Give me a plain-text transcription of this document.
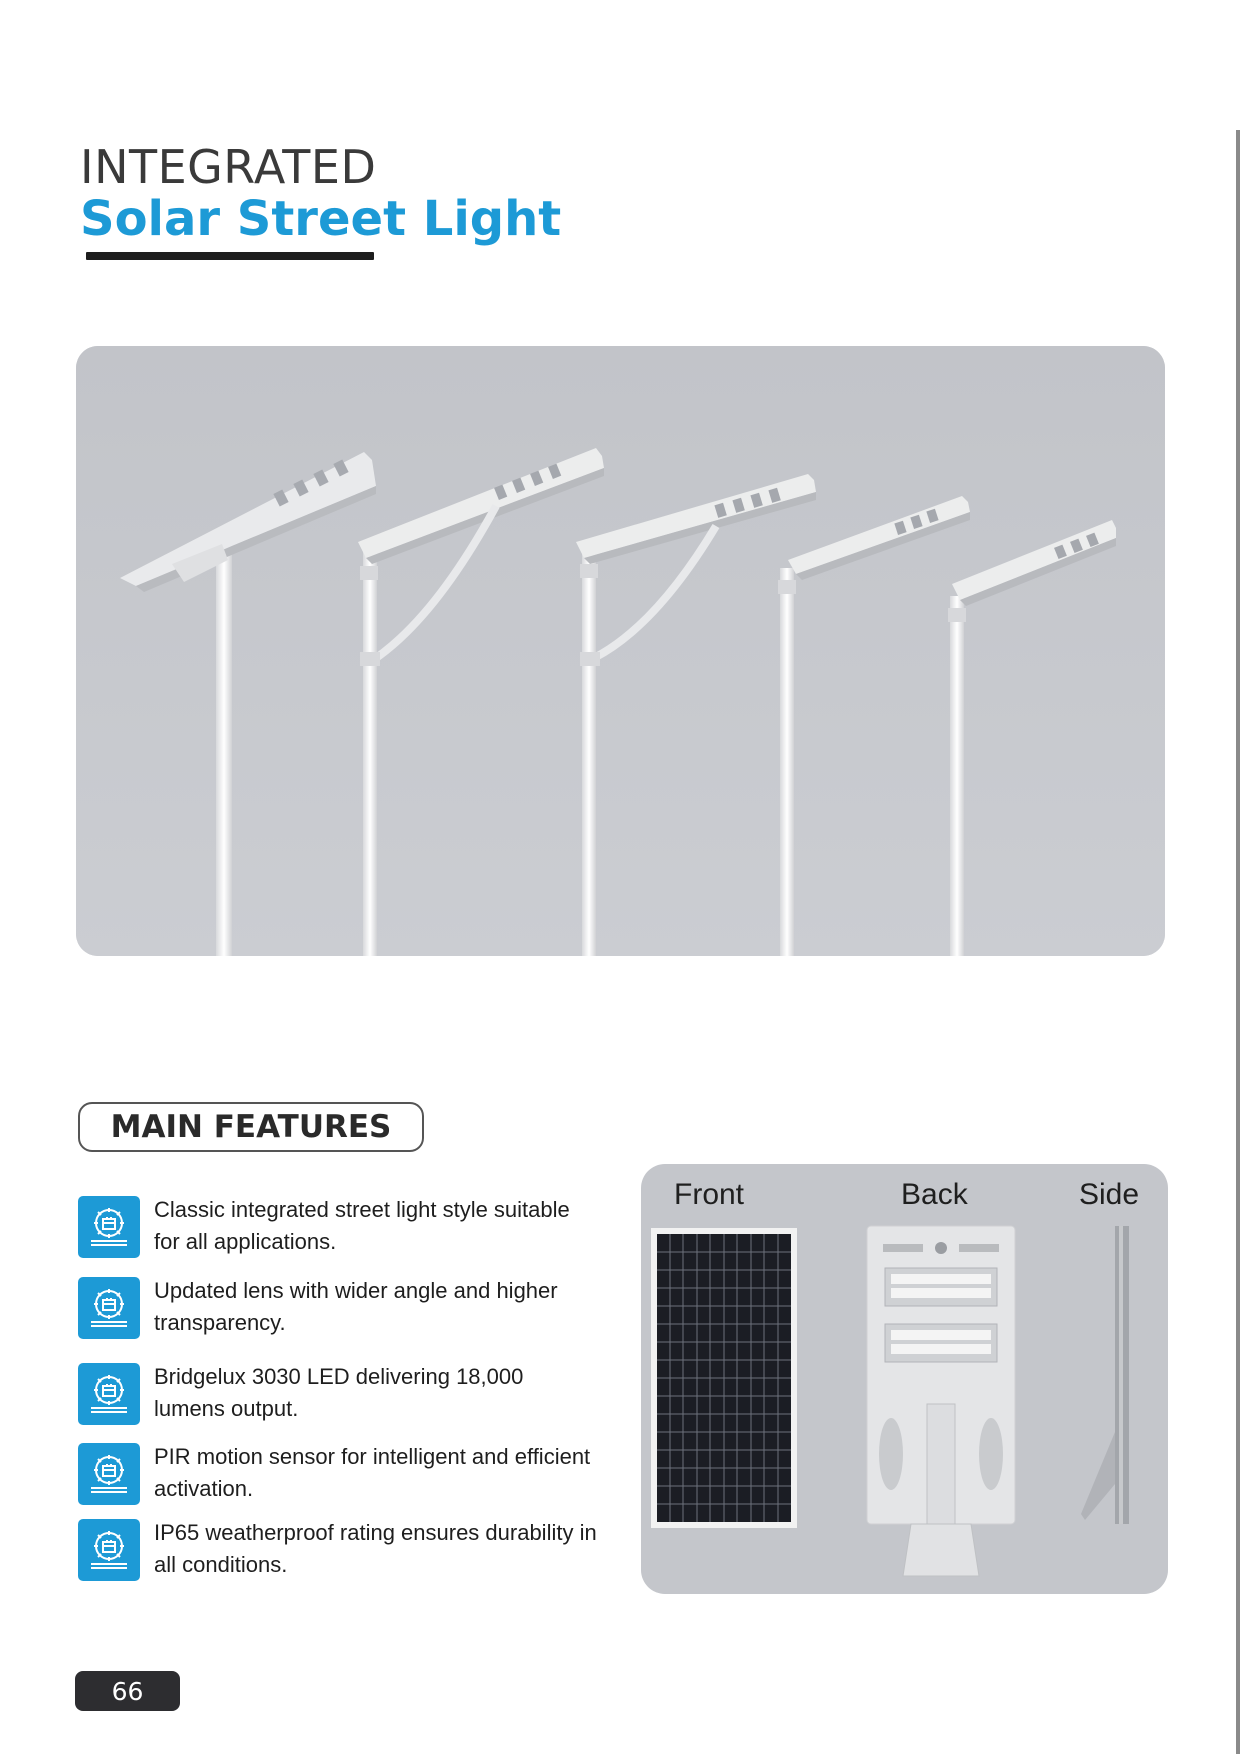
INTEGRATED
Solar Street Light
MAIN FEATURES
Classic integrated street light style suitable for all applications.
Updated lens with wider angle and higher transparency.
Bridgelux 3030 LED delivering 18,000 lumens output.
PIR motion sensor for intelligent and efficient activation.
IP65 weatherproof rating ensures durability in all conditions.
Front	Back	Side
66
